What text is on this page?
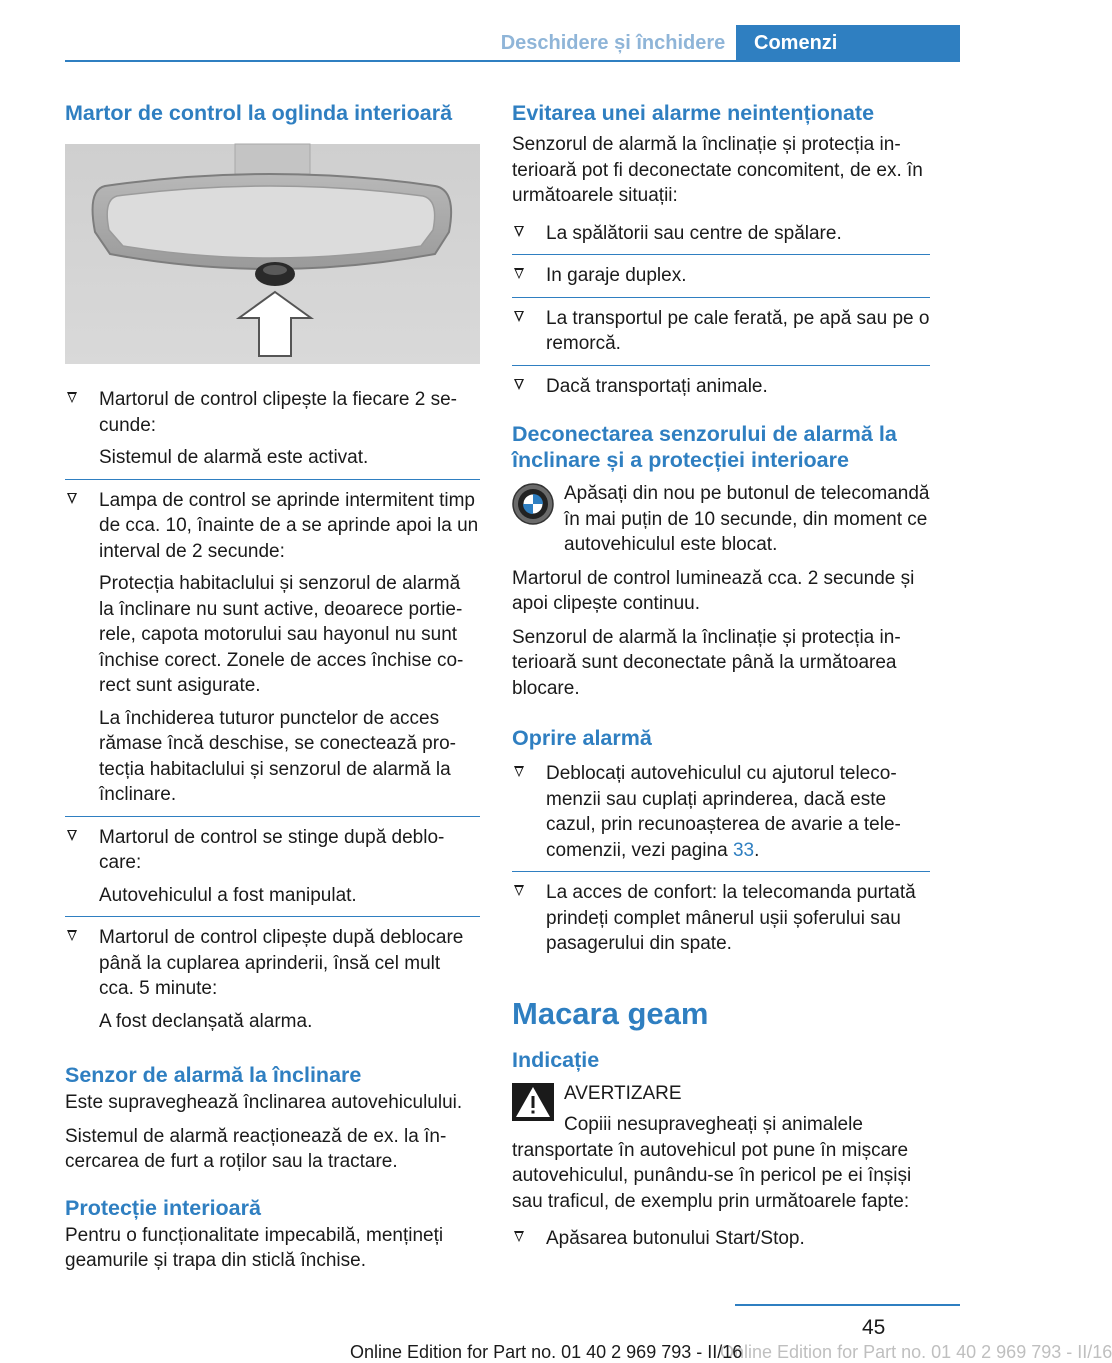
Deschidere și închidere	Comenzi
Martor de control la oglinda interioară
Martorul de control clipește la fiecare 2 secunde:
Sistemul de alarmă este activat.
Lampa de control se aprinde intermitent timp de cca. 10, înainte de a se aprinde apoi la un interval de 2 secunde:
Protecția habitaclului și senzorul de alarmă la înclinare nu sunt active, deoarece portierele, capota motorului sau hayonul nu sunt închise corect. Zonele de acces închise corect sunt asigurate.
La închiderea tuturor punctelor de acces rămase încă deschise, se conectează protecția habitaclului și senzorul de alarmă la înclinare.
Martorul de control se stinge după deblocare:
Autovehiculul a fost manipulat.
Martorul de control clipește după deblocare până la cuplarea aprinderii, însă cel mult cca. 5 minute:
A fost declanșată alarma.
Senzor de alarmă la înclinare

Este supraveghează înclinarea autovehiculului.

Sistemul de alarmă reacționează de ex. la încercarea de furt a roților sau la tractare.

Protecție interioară

Pentru o funcționalitate impecabilă, mențineți geamurile și trapa din sticlă închise.

Evitarea unei alarme neintenționate

Senzorul de alarmă la înclinație și protecția interioară pot fi deconectate concomitent, de ex. în următoarele situații:

La spălătorii sau centre de spălare.
In garaje duplex.
La transportul pe cale ferată, pe apă sau pe o remorcă.
Dacă transportați animale.
Deconectarea senzorului de alarmă la înclinare și a protecției interioare

Apăsați din nou pe butonul de telecomandă în mai puțin de 10 secunde, din moment ce autovehiculul este blocat.

Martorul de control luminează cca. 2 secunde și apoi clipește continuu.

Senzorul de alarmă la înclinație și protecția interioară sunt deconectate până la următoarea blocare.

Oprire alarmă
Deblocați autovehiculul cu ajutorul telecomenzii sau cuplați aprinderea, dacă este cazul, prin recunoașterea de avarie a telecomenzii, vezi pagina 33.
La acces de confort: la telecomanda purtată prindeți complet mânerul ușii șoferului sau pasagerului din spate.
Macara geam
Indicație

AVERTIZARE

Copiii nesupravegheați și animalele

transportate în autovehicul pot pune în mișcare autovehiculul, punându-se în pericol pe ei înșiși sau traficul, de exemplu prin următoarele fapte:

Apăsarea butonului Start/Stop.
45
Online Edition for Part no. 01 40 2 969 793 - II/16
Online Edition for Part no. 01 40 2 969 793 - II/16
